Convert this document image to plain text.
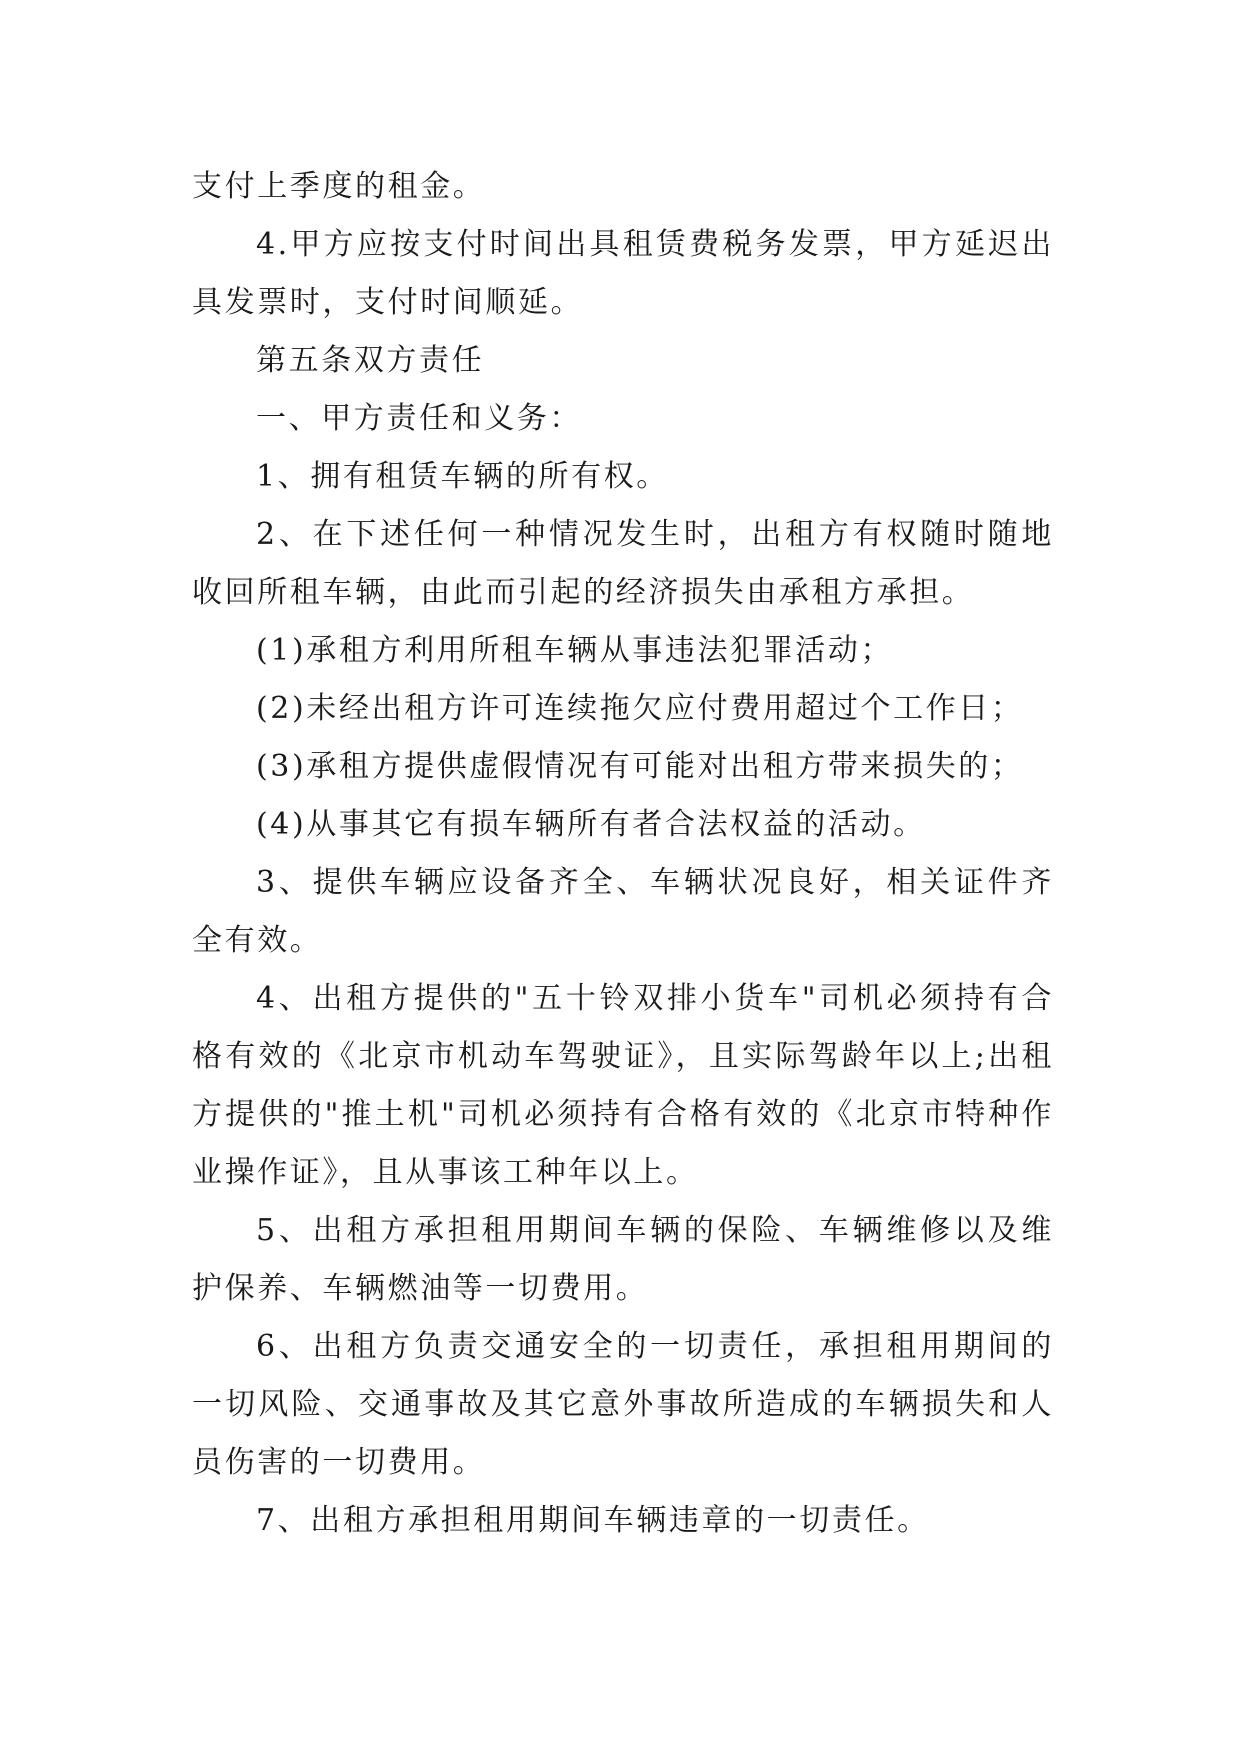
支付上季度的租金。

4.甲方应按支付时间出具租赁费税务发票，甲方延迟出具发票时，支付时间顺延。

第五条双方责任

一、甲方责任和义务：

1、拥有租赁车辆的所有权。

2、在下述任何一种情况发生时，出租方有权随时随地收回所租车辆，由此而引起的经济损失由承租方承担。

(1)承租方利用所租车辆从事违法犯罪活动；

(2)未经出租方许可连续拖欠应付费用超过个工作日；

(3)承租方提供虚假情况有可能对出租方带来损失的；

(4)从事其它有损车辆所有者合法权益的活动。

3、提供车辆应设备齐全、车辆状况良好，相关证件齐全有效。

4、出租方提供的"五十铃双排小货车"司机必须持有合格有效的《北京市机动车驾驶证》，且实际驾龄年以上;出租方提供的"推土机"司机必须持有合格有效的《北京市特种作业操作证》，且从事该工种年以上。

5、出租方承担租用期间车辆的保险、车辆维修以及维护保养、车辆燃油等一切费用。

6、出租方负责交通安全的一切责任，承担租用期间的一切风险、交通事故及其它意外事故所造成的车辆损失和人员伤害的一切费用。

7、出租方承担租用期间车辆违章的一切责任。
